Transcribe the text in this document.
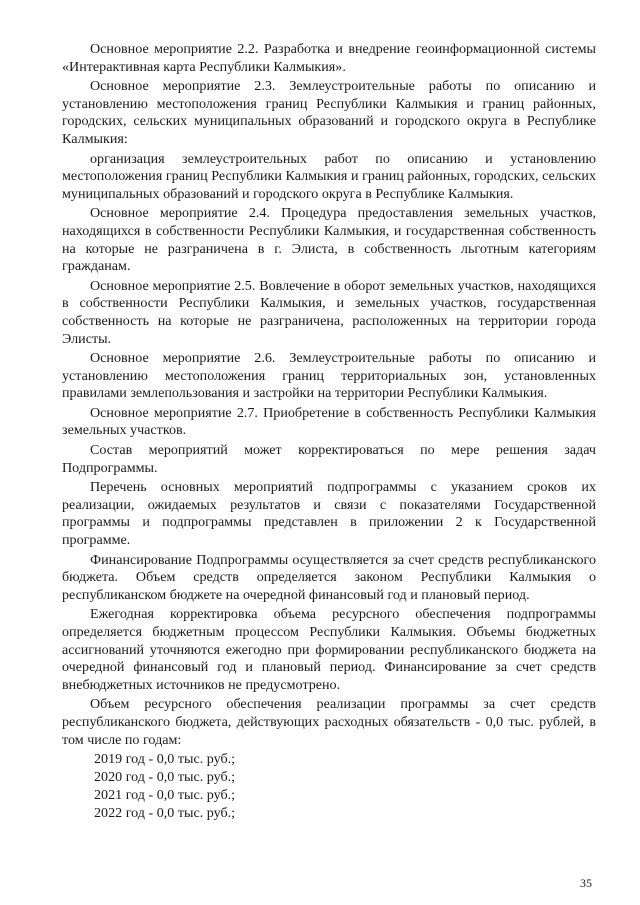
Основное мероприятие 2.2. Разработка и внедрение геоинформационной системы «Интерактивная карта Республики Калмыкия».

Основное мероприятие 2.3. Землеустроительные работы по описанию и установлению местоположения границ Республики Калмыкия и границ районных, городских, сельских муниципальных образований и городского округа в Республике Калмыкия:

организация землеустроительных работ по описанию и установлению местоположения границ Республики Калмыкия и границ районных, городских, сельских муниципальных образований и городского округа в Республике Калмыкия.

Основное мероприятие 2.4. Процедура предоставления земельных участков, находящихся в собственности Республики Калмыкия, и государственная собственность на которые не разграничена в г. Элиста, в собственность льготным категориям гражданам.

Основное мероприятие 2.5. Вовлечение в оборот земельных участков, находящихся в собственности Республики Калмыкия, и земельных участков, государственная собственность на которые не разграничена, расположенных на территории города Элисты.

Основное мероприятие 2.6. Землеустроительные работы по описанию и установлению местоположения границ территориальных зон, установленных правилами землепользования и застройки на территории Республики Калмыкия.

Основное мероприятие 2.7. Приобретение в собственность Республики Калмыкия земельных участков.

Состав мероприятий может корректироваться по мере решения задач Подпрограммы.

Перечень основных мероприятий подпрограммы с указанием сроков их реализации, ожидаемых результатов и связи с показателями Государственной программы и подпрограммы представлен в приложении 2 к Государственной программе.

Финансирование Подпрограммы осуществляется за счет средств республиканского бюджета. Объем средств определяется законом Республики Калмыкия о республиканском бюджете на очередной финансовый год и плановый период.

Ежегодная корректировка объема ресурсного обеспечения подпрограммы определяется бюджетным процессом Республики Калмыкия. Объемы бюджетных ассигнований уточняются ежегодно при формировании республиканского бюджета на очередной финансовый год и плановый период. Финансирование за счет средств внебюджетных источников не предусмотрено.

Объем ресурсного обеспечения реализации программы за счет средств республиканского бюджета, действующих расходных обязательств - 0,0 тыс. рублей, в том числе по годам:

2019 год - 0,0 тыс. руб.;
2020 год - 0,0 тыс. руб.;
2021 год - 0,0 тыс. руб.;
2022 год - 0,0 тыс. руб.;
35
